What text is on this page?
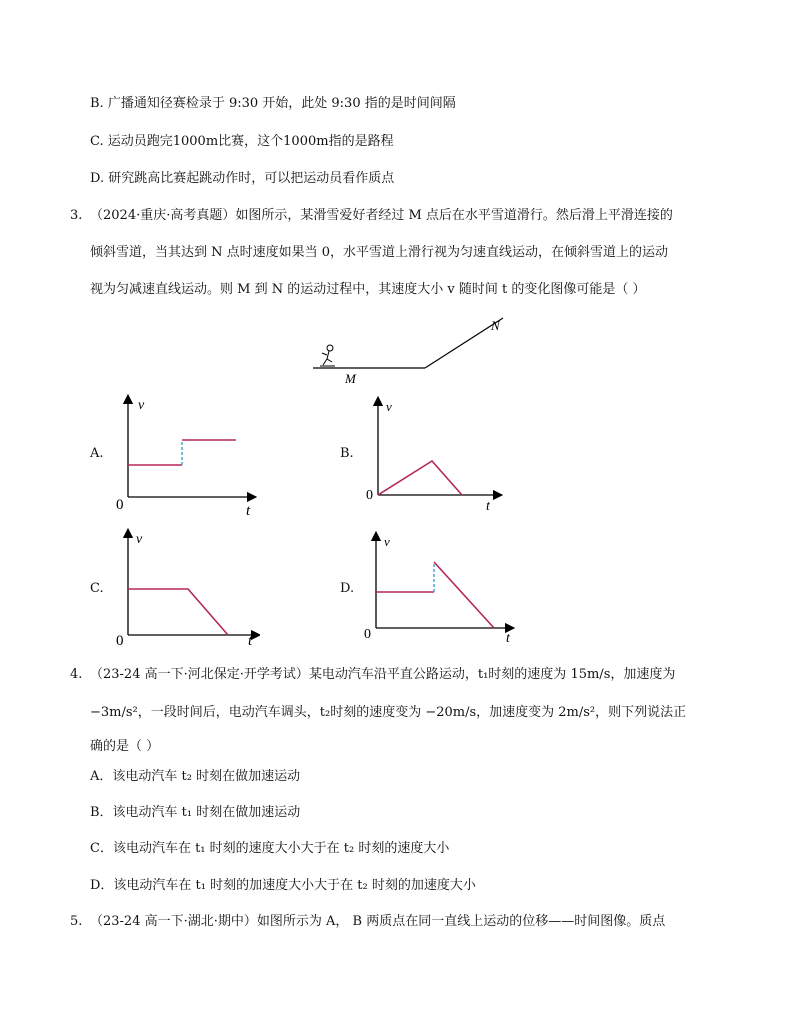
B. 广播通知径赛检录于 9:30 开始，此处 9:30 指的是时间间隔
C. 运动员跑完1000m比赛，这个1000m指的是路程
D. 研究跳高比赛起跳动作时，可以把运动员看作质点
3. （2024·重庆·高考真题）如图所示，某滑雪爱好者经过 M 点后在水平雪道滑行。然后滑上平滑连接的
倾斜雪道，当其达到 N 点时速度如果当 0，水平雪道上滑行视为匀速直线运动，在倾斜雪道上的运动
视为匀减速直线运动。则 M 到 N 的运动过程中，其速度大小 v 随时间 t 的变化图像可能是（ ）
M
N
A.
v
t
0
B.
v
t
0
C.
v
t
0
D.
v
t
0
4. （23-24 高一下·河北保定·开学考试）某电动汽车沿平直公路运动，t₁时刻的速度为 15m/s，加速度为
−3m/s²，一段时间后，电动汽车调头，t₂时刻的速度变为 −20m/s，加速度变为 2m/s²，则下列说法正
确的是（ ）
A．该电动汽车 t₂ 时刻在做加速运动
B．该电动汽车 t₁ 时刻在做加速运动
C．该电动汽车在 t₁ 时刻的速度大小大于在 t₂ 时刻的速度大小
D．该电动汽车在 t₁ 时刻的加速度大小大于在 t₂ 时刻的加速度大小
5. （23-24 高一下·湖北·期中）如图所示为 A， B 两质点在同一直线上运动的位移——时间图像。质点
